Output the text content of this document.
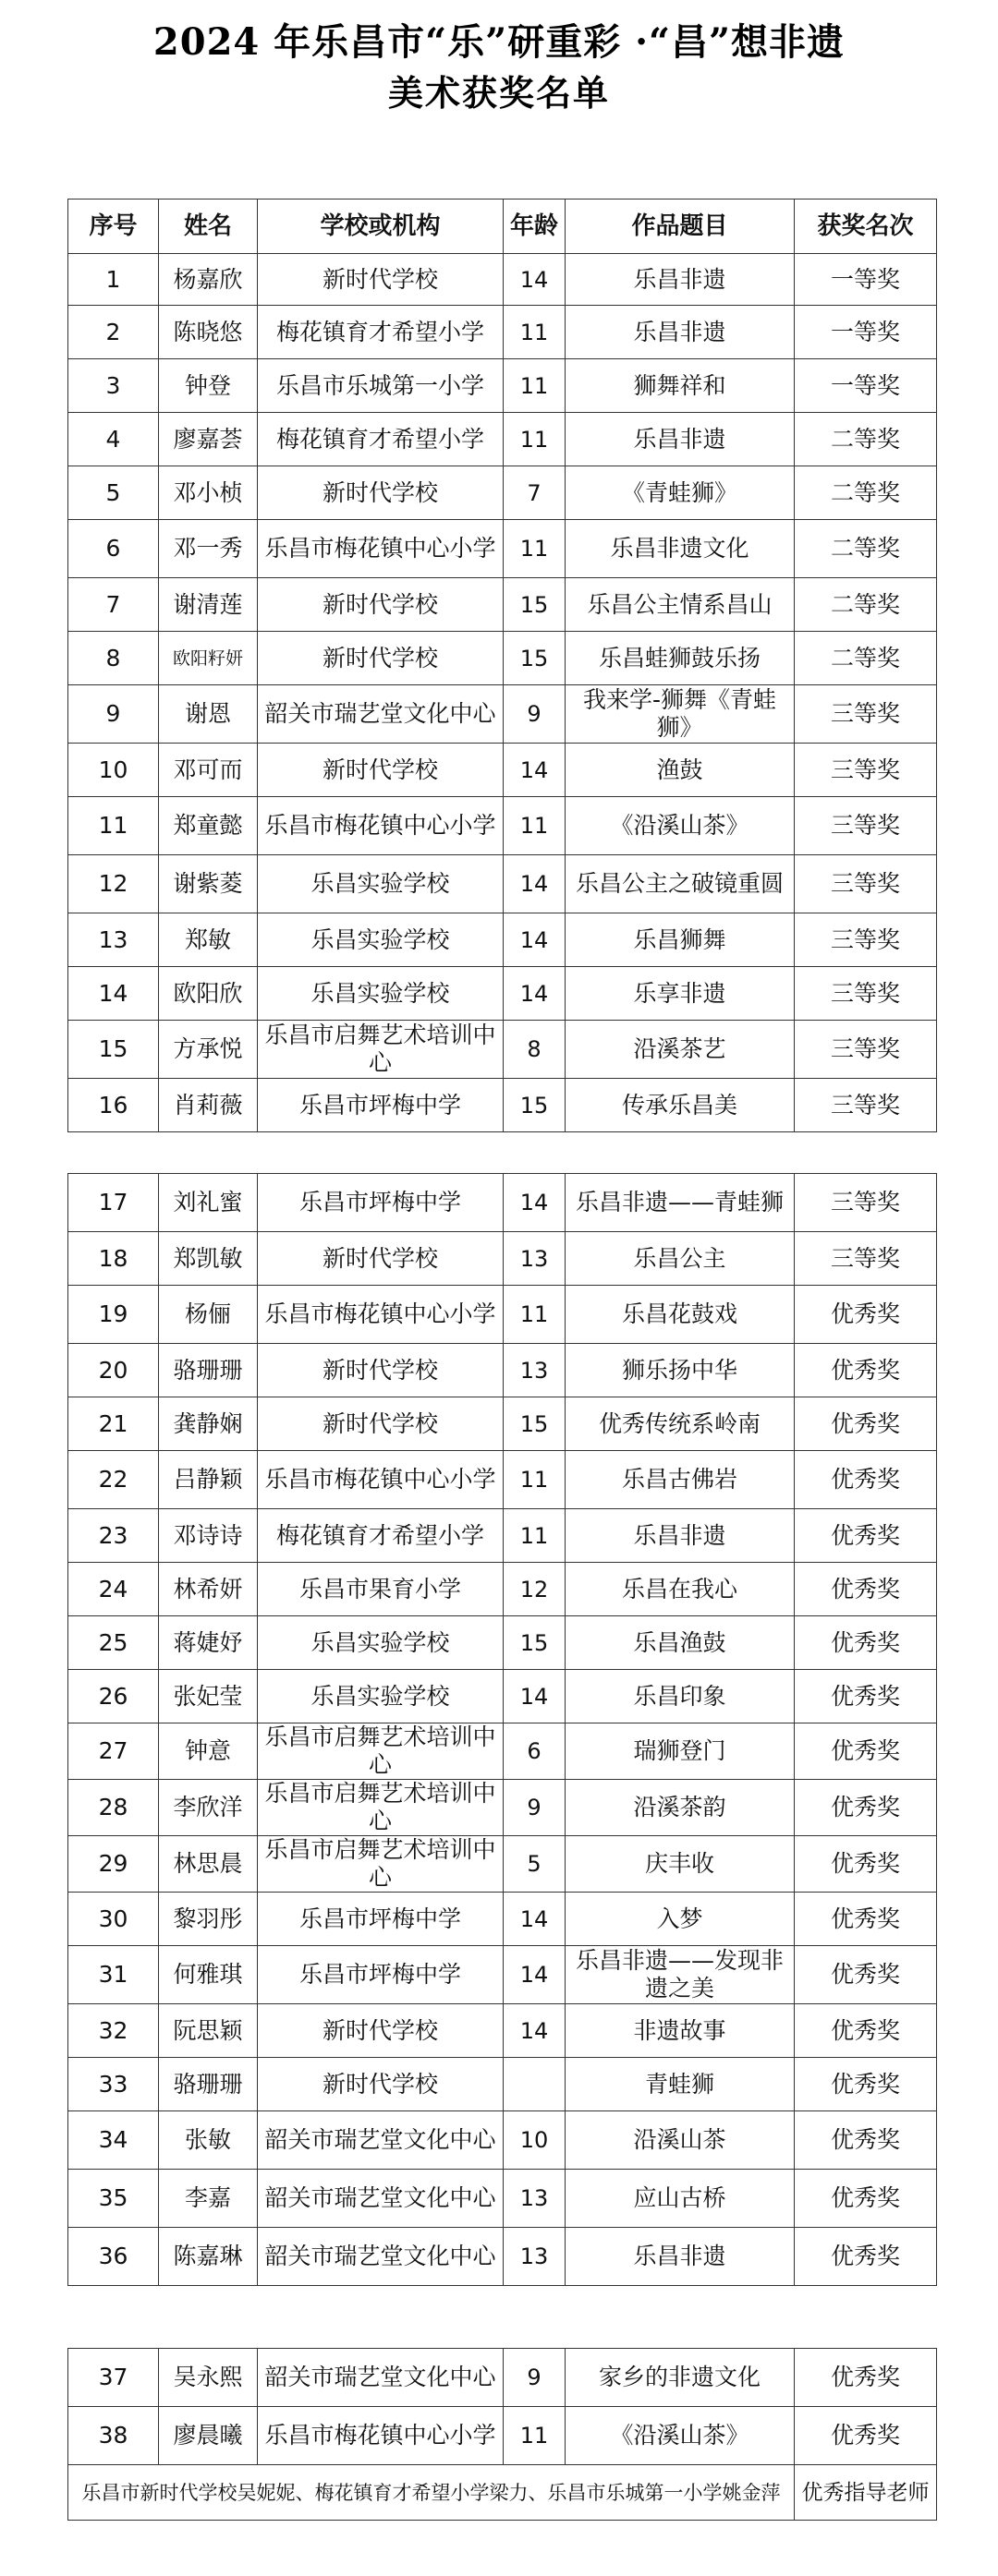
2024 年乐昌市“乐”研重彩 ·“昌”想非遗
美术获奖名单
序号	姓名	学校或机构	年龄	作品题目	获奖名次
1	杨嘉欣	新时代学校	14	乐昌非遗	一等奖
2	陈晓悠	梅花镇育才希望小学	11	乐昌非遗	一等奖
3	钟登	乐昌市乐城第一小学	11	狮舞祥和	一等奖
4	廖嘉荟	梅花镇育才希望小学	11	乐昌非遗	二等奖
5	邓小桢	新时代学校	7	《青蛙狮》	二等奖
6	邓一秀	乐昌市梅花镇中心小学	11	乐昌非遗文化	二等奖
7	谢清莲	新时代学校	15	乐昌公主情系昌山	二等奖
8	欧阳籽妍	新时代学校	15	乐昌蛙狮鼓乐扬	二等奖
9	谢恩	韶关市瑞艺堂文化中心	9	我来学-狮舞《青蛙狮》	三等奖
10	邓可而	新时代学校	14	渔鼓	三等奖
11	郑童懿	乐昌市梅花镇中心小学	11	《沿溪山茶》	三等奖
12	谢紫菱	乐昌实验学校	14	乐昌公主之破镜重圆	三等奖
13	郑敏	乐昌实验学校	14	乐昌狮舞	三等奖
14	欧阳欣	乐昌实验学校	14	乐享非遗	三等奖
15	方承悦	乐昌市启舞艺术培训中心	8	沿溪茶艺	三等奖
16	肖莉薇	乐昌市坪梅中学	15	传承乐昌美	三等奖
17	刘礼蜜	乐昌市坪梅中学	14	乐昌非遗——青蛙狮	三等奖
18	郑凯敏	新时代学校	13	乐昌公主	三等奖
19	杨俪	乐昌市梅花镇中心小学	11	乐昌花鼓戏	优秀奖
20	骆珊珊	新时代学校	13	狮乐扬中华	优秀奖
21	龚静娴	新时代学校	15	优秀传统系岭南	优秀奖
22	吕静颖	乐昌市梅花镇中心小学	11	乐昌古佛岩	优秀奖
23	邓诗诗	梅花镇育才希望小学	11	乐昌非遗	优秀奖
24	林希妍	乐昌市果育小学	12	乐昌在我心	优秀奖
25	蒋婕妤	乐昌实验学校	15	乐昌渔鼓	优秀奖
26	张妃莹	乐昌实验学校	14	乐昌印象	优秀奖
27	钟意	乐昌市启舞艺术培训中心	6	瑞狮登门	优秀奖
28	李欣洋	乐昌市启舞艺术培训中心	9	沿溪茶韵	优秀奖
29	林思晨	乐昌市启舞艺术培训中心	5	庆丰收	优秀奖
30	黎羽彤	乐昌市坪梅中学	14	入梦	优秀奖
31	何雅琪	乐昌市坪梅中学	14	乐昌非遗——发现非遗之美	优秀奖
32	阮思颖	新时代学校	14	非遗故事	优秀奖
33	骆珊珊	新时代学校		青蛙狮	优秀奖
34	张敏	韶关市瑞艺堂文化中心	10	沿溪山茶	优秀奖
35	李嘉	韶关市瑞艺堂文化中心	13	应山古桥	优秀奖
36	陈嘉琳	韶关市瑞艺堂文化中心	13	乐昌非遗	优秀奖
37	吴永熙	韶关市瑞艺堂文化中心	9	家乡的非遗文化	优秀奖
38	廖晨曦	乐昌市梅花镇中心小学	11	《沿溪山茶》	优秀奖
乐昌市新时代学校吴妮妮、梅花镇育才希望小学梁力、乐昌市乐城第一小学姚金萍					优秀指导老师
